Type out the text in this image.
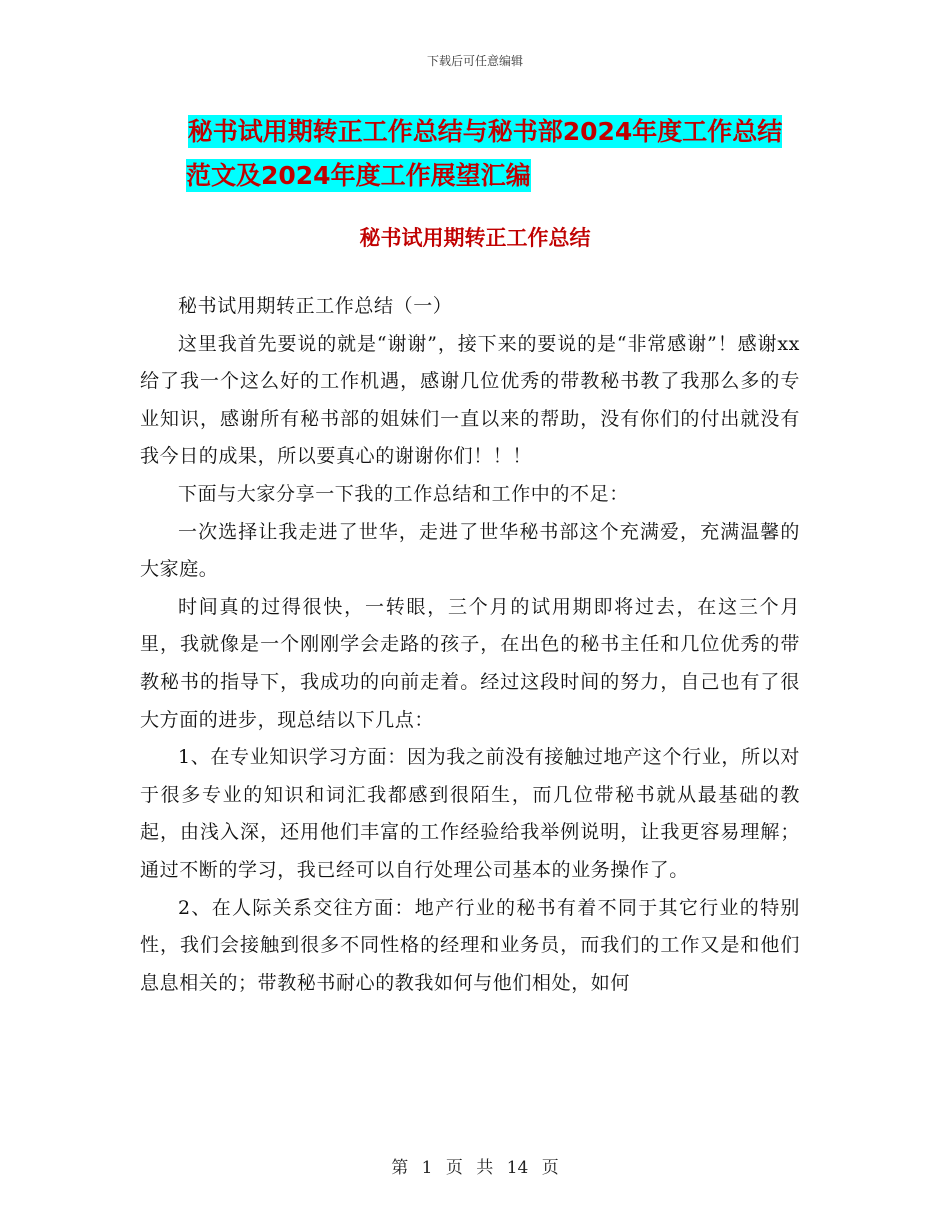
下载后可任意编辑
秘书试用期转正工作总结与秘书部2024年度工作总结
范文及2024年度工作展望汇编
秘书试用期转正工作总结

秘书试用期转正工作总结（一）

这里我首先要说的就是“谢谢”，接下来的要说的是“非常感谢”！感谢xx给了我一个这么好的工作机遇，感谢几位优秀的带教秘书教了我那么多的专业知识，感谢所有秘书部的姐妹们一直以来的帮助，没有你们的付出就没有我今日的成果，所以要真心的谢谢你们！！！

下面与大家分享一下我的工作总结和工作中的不足：

一次选择让我走进了世华，走进了世华秘书部这个充满爱，充满温馨的大家庭。

时间真的过得很快，一转眼，三个月的试用期即将过去，在这三个月里，我就像是一个刚刚学会走路的孩子，在出色的秘书主任和几位优秀的带教秘书的指导下，我成功的向前走着。经过这段时间的努力，自己也有了很大方面的进步，现总结以下几点：

1、在专业知识学习方面：因为我之前没有接触过地产这个行业，所以对于很多专业的知识和词汇我都感到很陌生，而几位带秘书就从最基础的教起，由浅入深，还用他们丰富的工作经验给我举例说明，让我更容易理解；通过不断的学习，我已经可以自行处理公司基本的业务操作了。

2、在人际关系交往方面：地产行业的秘书有着不同于其它行业的特别性，我们会接触到很多不同性格的经理和业务员，而我们的工作又是和他们息息相关的；带教秘书耐心的教我如何与他们相处，如何

第 1 页 共 14 页
